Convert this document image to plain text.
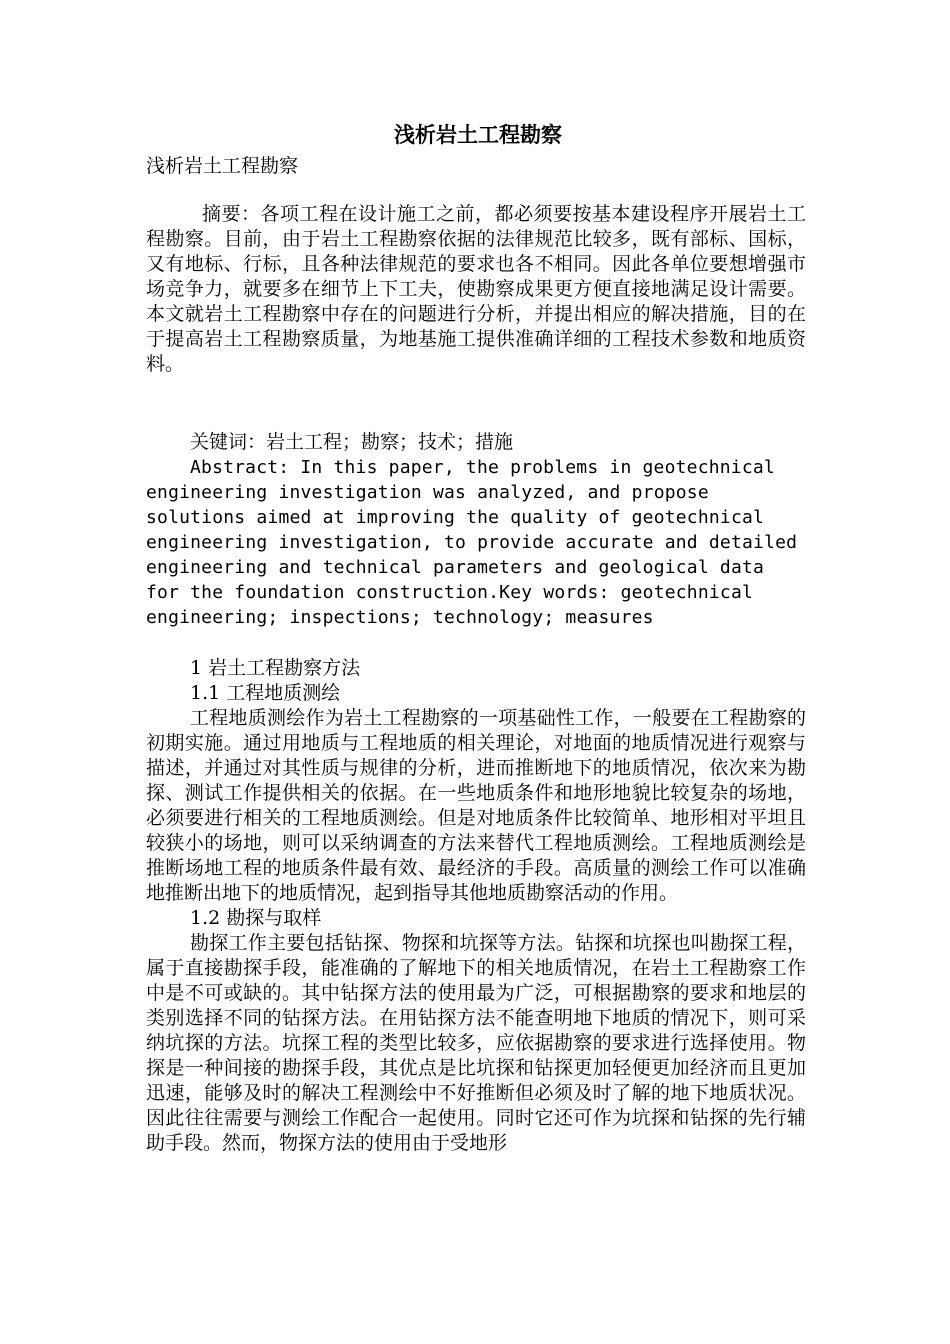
浅析岩土工程勘察

浅析岩土工程勘察

摘要：各项工程在设计施工之前，都必须要按基本建设程序开展岩土工程勘察。目前，由于岩土工程勘察依据的法律规范比较多，既有部标、国标，又有地标、行标，且各种法律规范的要求也各不相同。因此各单位要想增强市场竞争力，就要多在细节上下工夫，使勘察成果更方便直接地满足设计需要。本文就岩土工程勘察中存在的问题进行分析，并提出相应的解决措施，目的在于提高岩土工程勘察质量，为地基施工提供准确详细的工程技术参数和地质资料。

关键词：岩土工程；勘察；技术；措施

Abstract: In this paper, the problems in geotechnical engineering investigation was analyzed, and propose solutions aimed at improving the quality of geotechnical engineering investigation, to provide accurate and detailed engineering and technical parameters and geological data for the foundation construction.Key words: geotechnical engineering; inspections; technology; measures

1 岩土工程勘察方法

1.1 工程地质测绘

工程地质测绘作为岩土工程勘察的一项基础性工作，一般要在工程勘察的初期实施。通过用地质与工程地质的相关理论，对地面的地质情况进行观察与描述，并通过对其性质与规律的分析，进而推断地下的地质情况，依次来为勘探、测试工作提供相关的依据。在一些地质条件和地形地貌比较复杂的场地，必须要进行相关的工程地质测绘。但是对地质条件比较简单、地形相对平坦且较狭小的场地，则可以采纳调查的方法来替代工程地质测绘。工程地质测绘是推断场地工程的地质条件最有效、最经济的手段。高质量的测绘工作可以准确地推断出地下的地质情况，起到指导其他地质勘察活动的作用。

1.2 勘探与取样

勘探工作主要包括钻探、物探和坑探等方法。钻探和坑探也叫勘探工程，属于直接勘探手段，能准确的了解地下的相关地质情况，在岩土工程勘察工作中是不可或缺的。其中钻探方法的使用最为广泛，可根据勘察的要求和地层的类别选择不同的钻探方法。在用钻探方法不能查明地下地质的情况下，则可采纳坑探的方法。坑探工程的类型比较多，应依据勘察的要求进行选择使用。物探是一种间接的勘探手段，其优点是比坑探和钻探更加轻便更加经济而且更加迅速，能够及时的解决工程测绘中不好推断但必须及时了解的地下地质状况。因此往往需要与测绘工作配合一起使用。同时它还可作为坑探和钻探的先行辅助手段。然而，物探方法的使用由于受地形
